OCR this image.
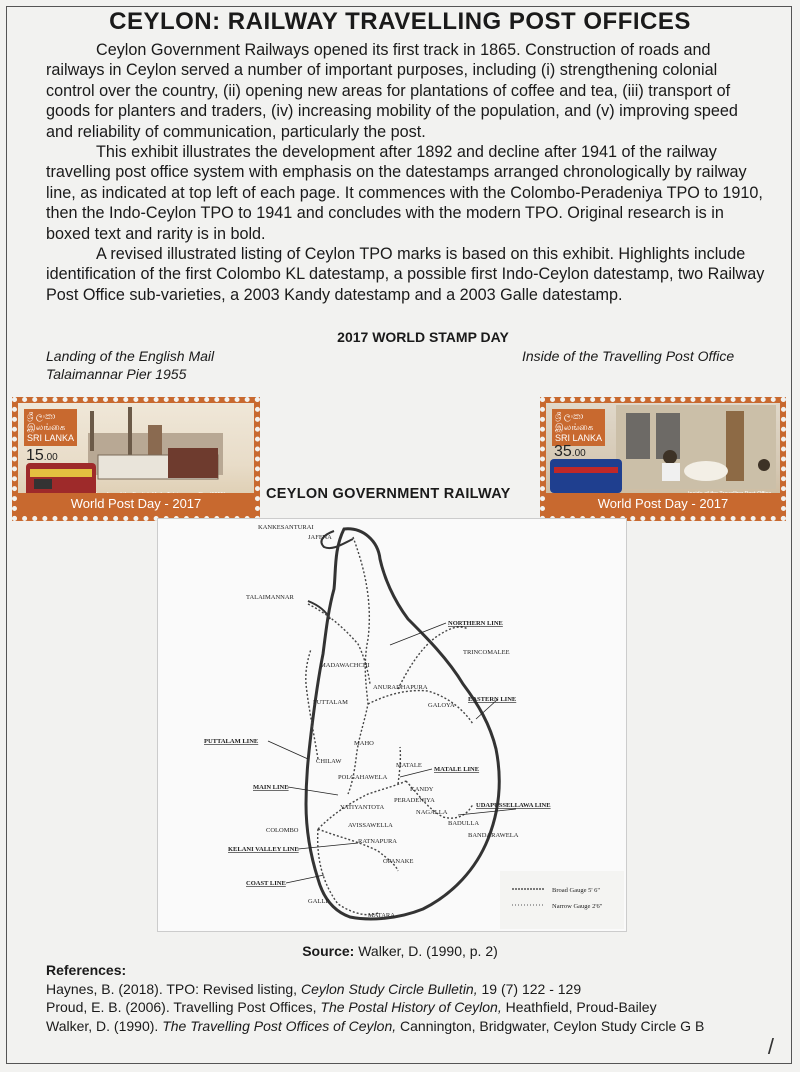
CEYLON: RAILWAY TRAVELLING POST OFFICES

Ceylon Government Railways opened its first track in 1865. Construction of roads and railways in Ceylon served a number of important purposes, including (i) strengthening colonial control over the country, (ii) opening new areas for plantations of coffee and tea, (iii) transport of goods for planters and traders, (iv) increasing mobility of the population, and (v) improving speed and reliability of communication, particularly the post.

This exhibit illustrates the development after 1892 and decline after 1941 of the railway travelling post office system with emphasis on the datestamps arranged chronologically by railway line, as indicated at top left of each page. It commences with the Colombo-Peradeniya TPO to 1910, then the Indo-Ceylon TPO to 1941 and concludes with the modern TPO. Original research is in boxed text and rarity is in bold.

A revised illustrated listing of Ceylon TPO marks is based on this exhibit. Highlights include identification of the first Colombo KL datestamp, a possible first Indo-Ceylon datestamp, two Railway Post Office sub-varieties, a 2003 Kandy datestamp and a 2003 Galle datestamp.

2017 WORLD STAMP DAY
Landing of the English Mail
Talaimannar Pier 1955
Inside of the Travelling Post Office
ශ්‍රී ලංකා
இலங்கை
SRI LANKA
15.00
World Post Day - 2017
ශ්‍රී ලංකා
இலங்கை
SRI LANKA
35.00
World Post Day - 2017
CEYLON GOVERNMENT RAILWAY
KANKESANTURAI
JAFFNA
TALAIMANNAR
MADAWACHCHI
TRINCOMALEE
PUTTALAM
ANURADHAPURA
GALOYA
MAHO
CHILAW
MATALE
POLGAHAWELA
KANDY
PERADENIYA
YATIYANTOTA
NAGALLA
BADULLA
AVISSAWELLA
BANDARAWELA
COLOMBO
RATNAPURA
OPANAKE
GALLE
MATARA
NORTHERN LINE
EASTERN LINE
PUTTALAM LINE
MATALE LINE
MAIN LINE
UDAPUSSELLAWA LINE
KELANI VALLEY LINE
COAST LINE
Broad Gauge 5' 6"
Narrow Gauge 2'6"
Source: Walker, D. (1990, p. 2)
References:
Haynes, B. (2018). TPO: Revised listing, Ceylon Study Circle Bulletin, 19 (7) 122 - 129
Proud, E. B. (2006). Travelling Post Offices, The Postal History of Ceylon, Heathfield, Proud-Bailey
Walker, D. (1990). The Travelling Post Offices of Ceylon, Cannington, Bridgwater, Ceylon Study Circle G B
/
